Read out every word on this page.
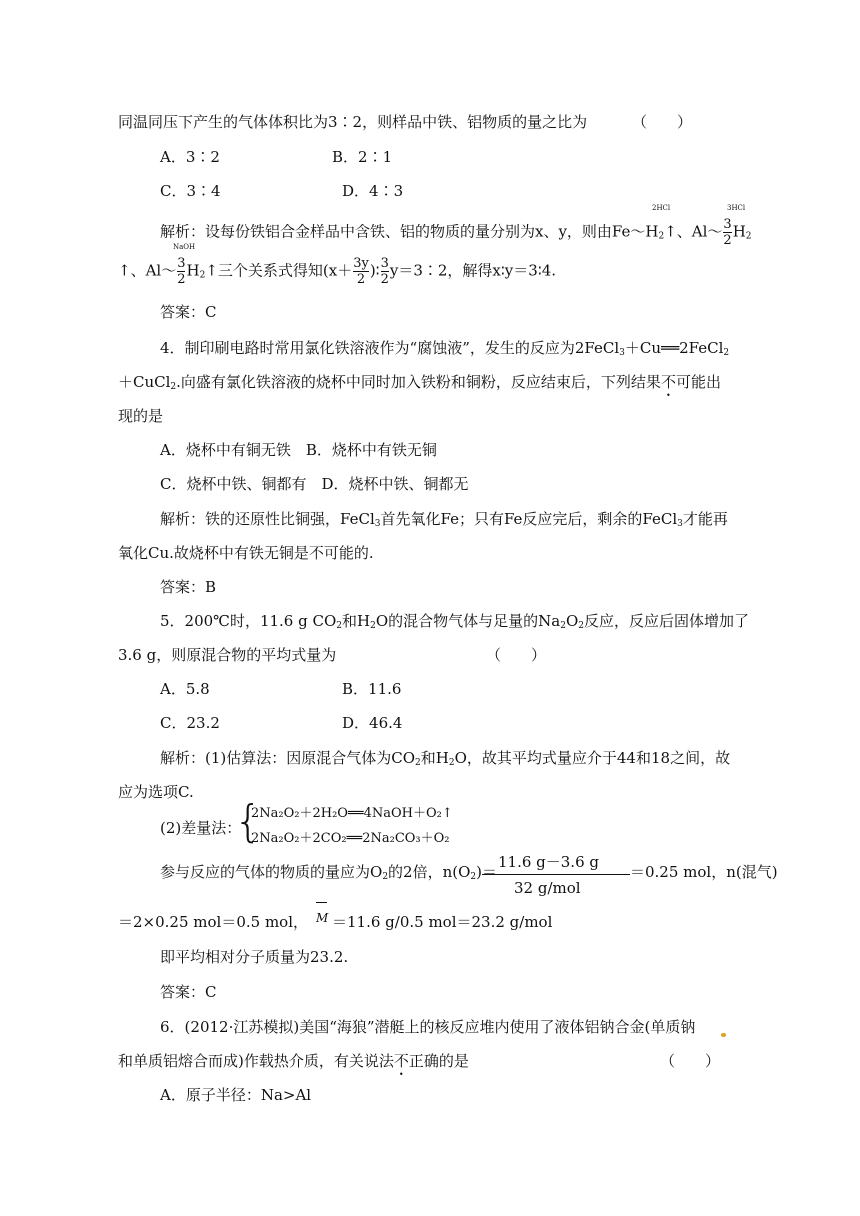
同温同压下产生的气体体积比为3∶2，则样品中铁、铝物质的量之比为	（　　）
A．3∶2	B．2∶1
C．3∶4	D．4∶3
解析：设每份铁铝合金样品中含铁、铝的物质的量分别为x、y，则由$Fe\sim H_2↑$、Al～ $\frac{3}{2} H_2$
2HCl	3HCl
NaOH
↑、Al～ $\frac{3}{2}$ $H_2↑$三个关系式得知($x+ \frac{3y}{2}$ )∶ $\frac{3}{2}$ y＝3∶2，解得x∶y＝3∶4.
答案：C
4．制印刷电路时常用氯化铁溶液作为“腐蚀液”，发生的反应为2FeCl$_3$＋Cu══2FeCl$_2$
＋CuCl$_2$.向盛有氯化铁溶液的烧杯中同时加入铁粉和铜粉，反应结束后，下列结果不可能出
现的是
A．烧杯中有铜无铁　B．烧杯中有铁无铜
C．烧杯中铁、铜都有　D．烧杯中铁、铜都无
解析：铁的还原性比铜强，FeCl$_3$首先氧化Fe；只有Fe反应完后，剩余的FeCl$_3$才能再
氧化Cu.故烧杯中有铁无铜是不可能的.
答案：B
5．200℃时，11.6 g $CO_2$和$H_2O$的混合物气体与足量的$Na_2O_2$反应，反应后固体增加了
3.6 g，则原混合物的平均式量为	（　　）
A．5.8	B．11.6
C．23.2	D．46.4
解析：(1)估算法：因原混合气体为$CO_2$和$H_2O$，故其平均式量应介于44和18之间，故
应为选项C.
(2)差量法：
{
2Na₂O₂＋2H₂O══4NaOH＋O₂↑
2Na₂O₂＋2CO₂══2Na₂CO₃＋O₂
参与反应的气体的物质的量应为$O_2$的2倍，$n(O_2)=$
11.6 g－3.6 g
32 g/mol
＝0.25 mol，n(混气)
＝2×0.25 mol＝0.5 mol， M ＝11.6 g/0.5 mol＝23.2 g/mol
即平均相对分子质量为23.2.
答案：C
6．(2012·江苏模拟)美国“海狼”潜艇上的核反应堆内使用了液体铝钠合金(单质钠
和单质铝熔合而成)作载热介质，有关说法不正确的是	（　　）
A．原子半径：Na>Al
